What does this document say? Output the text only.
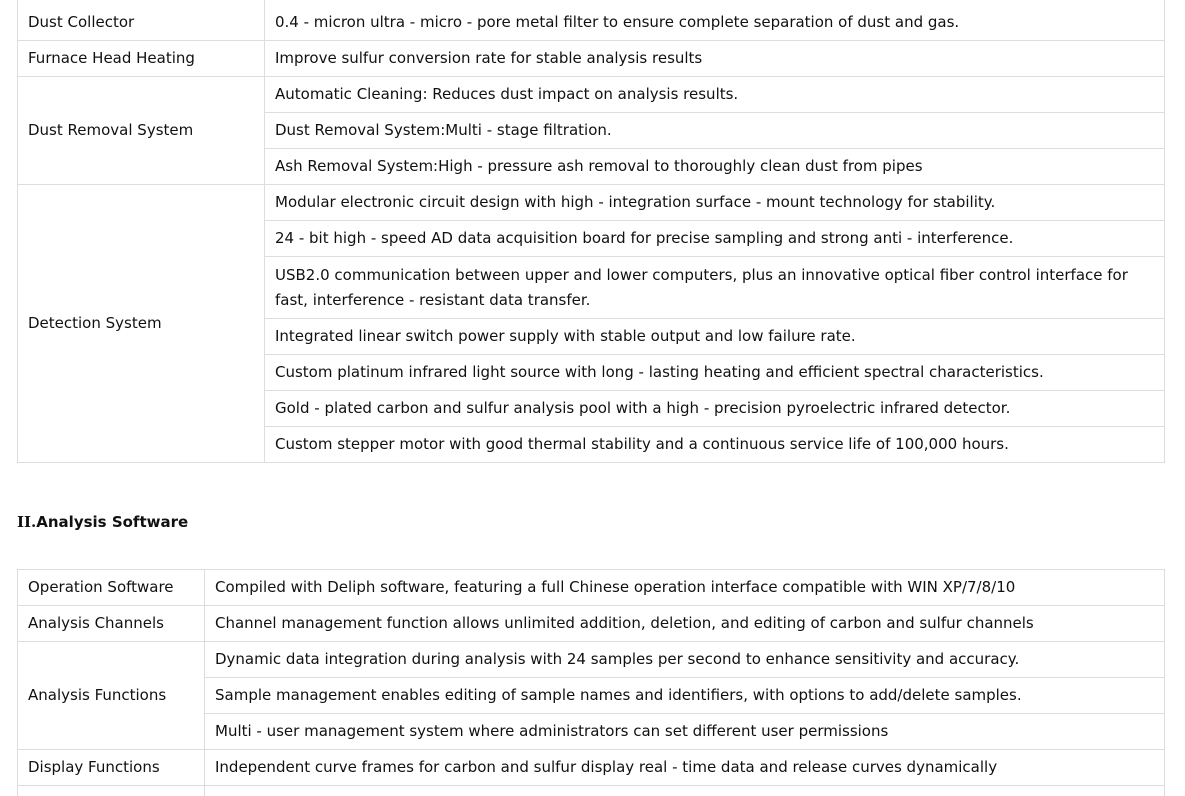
Dust Collector	0.4 - micron ultra - micro - pore metal filter to ensure complete separation of dust and gas.
Furnace Head Heating	Improve sulfur conversion rate for stable analysis results
Dust Removal System	Automatic Cleaning: Reduces dust impact on analysis results.
	Dust Removal System:Multi - stage filtration.
	Ash Removal System:High - pressure ash removal to thoroughly clean dust from pipes
Detection System	Modular electronic circuit design with high - integration surface - mount technology for stability.
	24 - bit high - speed AD data acquisition board for precise sampling and strong anti - interference.
	USB2.0 communication between upper and lower computers, plus an innovative optical fiber control interface for fast, interference - resistant data transfer.
	Integrated linear switch power supply with stable output and low failure rate.
	Custom platinum infrared light source with long - lasting heating and efficient spectral characteristics.
	Gold - plated carbon and sulfur analysis pool with a high - precision pyroelectric infrared detector.
	Custom stepper motor with good thermal stability and a continuous service life of 100,000 hours.
II.Analysis Software
Operation Software	Compiled with Deliph software, featuring a full Chinese operation interface compatible with WIN XP/7/8/10
Analysis Channels	Channel management function allows unlimited addition, deletion, and editing of carbon and sulfur channels
Analysis Functions	Dynamic data integration during analysis with 24 samples per second to enhance sensitivity and accuracy.
	Sample management enables editing of sample names and identifiers, with options to add/delete samples.
	Multi - user management system where administrators can set different user permissions
Display Functions	Independent curve frames for carbon and sulfur display real - time data and release curves dynamically
